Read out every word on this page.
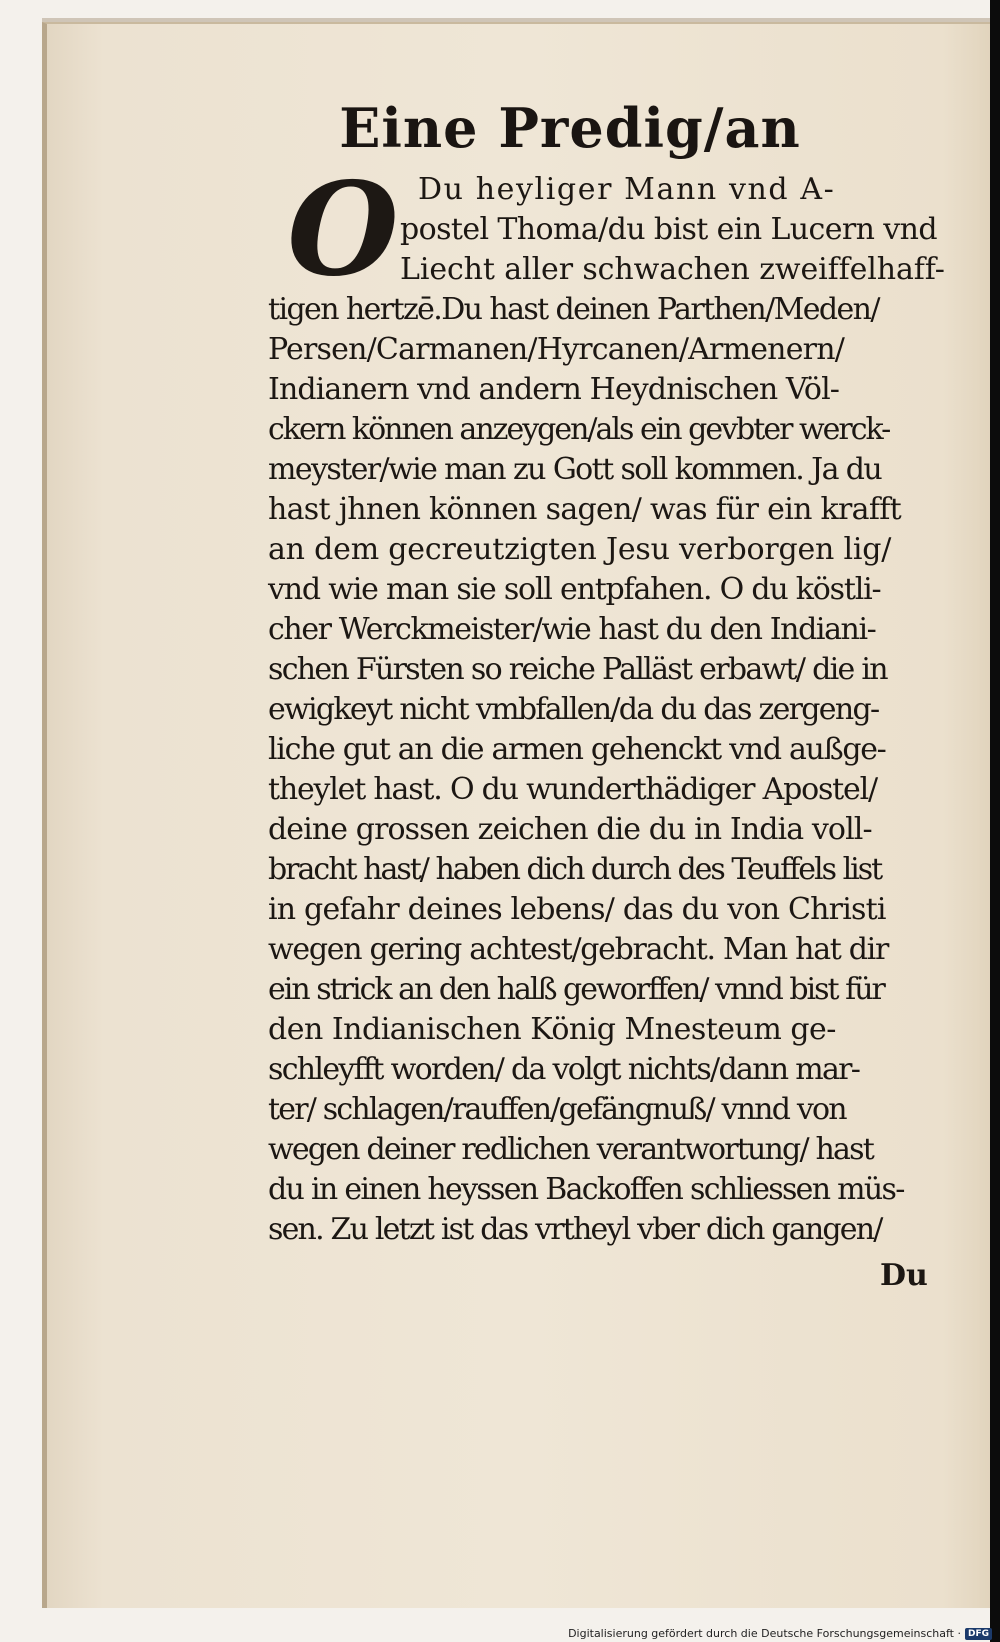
Eine Predig/an
O Du heyliger Mann vnd A-
postel Thoma/du bist ein Lucern vnd
Liecht aller schwachen zweiffelhaff-
tigen hertzē.Du hast deinen Parthen/Meden/
Persen/Carmanen/Hyrcanen/Armenern/
Indianern vnd andern Heydnischen Völ-
ckern können anzeygen/als ein gevbter werck-
meyster/wie man zu Gott soll kommen. Ja du
hast jhnen können sagen/ was für ein krafft
an dem gecreutzigten Jesu verborgen lig/
vnd wie man sie soll entpfahen. O du köstli-
cher Werckmeister/wie hast du den Indiani-
schen Fürsten so reiche Palläst erbawt/ die in
ewigkeyt nicht vmbfallen/da du das zergeng-
liche gut an die armen gehenckt vnd außge-
theylet hast. O du wunderthädiger Apostel/
deine grossen zeichen die du in India voll-
bracht hast/ haben dich durch des Teuffels list
in gefahr deines lebens/ das du von Christi
wegen gering achtest/gebracht. Man hat dir
ein strick an den halß geworffen/ vnnd bist für
den Indianischen König Mnesteum ge-
schleyfft worden/ da volgt nichts/dann mar-
ter/ schlagen/rauffen/gefängnuß/ vnnd von
wegen deiner redlichen verantwortung/ hast
du in einen heyssen Backoffen schliessen müs-
sen. Zu letzt ist das vrtheyl vber dich gangen/
Du
Digitalisierung gefördert durch die Deutsche Forschungsgemeinschaft · DFG
